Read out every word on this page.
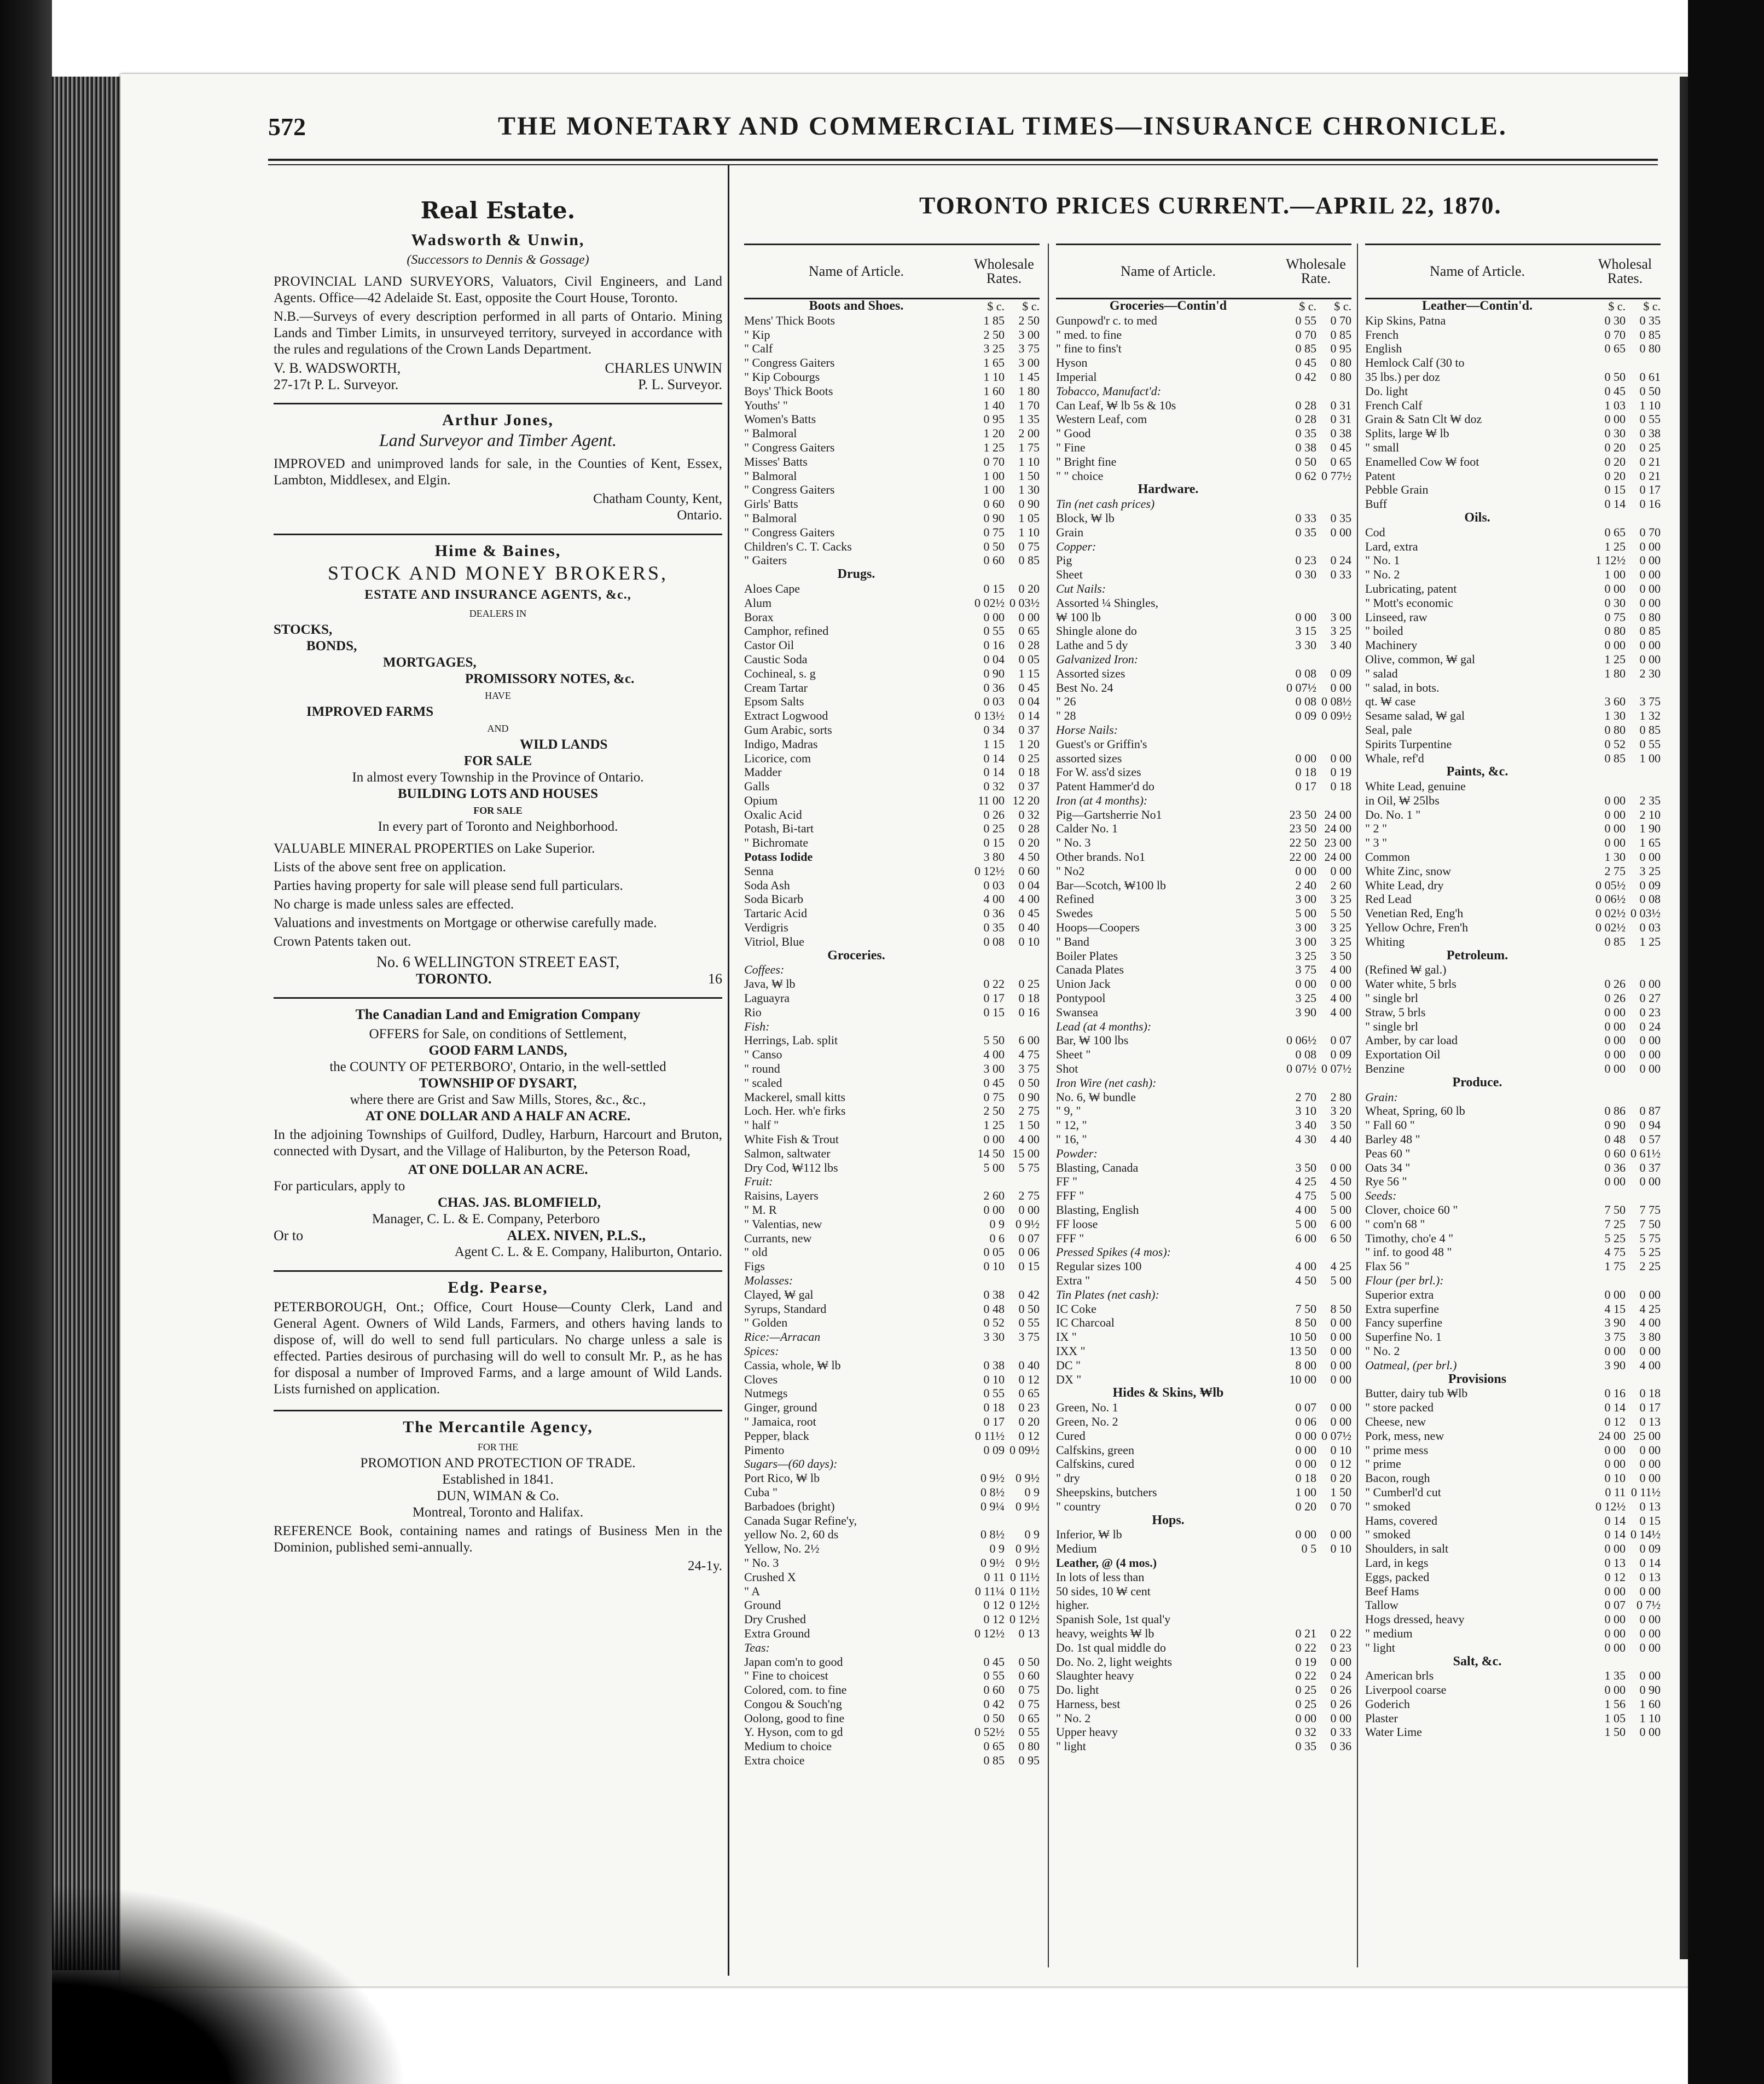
572	THE MONETARY AND COMMERCIAL TIMES—INSURANCE CHRONICLE.
Real Estate.
Wadsworth & Unwin,
(Successors to Dennis & Gossage)
PROVINCIAL LAND SURVEYORS, Valuators, Civil Engineers, and Land Agents. Office—42 Adelaide St. East, opposite the Court House, Toronto.
N.B.—Surveys of every description performed in all parts of Ontario. Mining Lands and Timber Limits, in unsurveyed territory, surveyed in accordance with the rules and regulations of the Crown Lands Department.
V. B. WADSWORTH,	CHARLES UNWIN
27-17t P. L. Surveyor.	P. L. Surveyor.
Arthur Jones,
Land Surveyor and Timber Agent.
IMPROVED and unimproved lands for sale, in the Counties of Kent, Essex, Lambton, Middlesex, and Elgin.
Chatham County, Kent,
Ontario.
Hime & Baines,
STOCK AND MONEY BROKERS,
ESTATE AND INSURANCE AGENTS, &c.,
DEALERS IN
STOCKS,
BONDS,
MORTGAGES,
PROMISSORY NOTES, &c.
HAVE
IMPROVED FARMS
AND
WILD LANDS
FOR SALE
In almost every Township in the Province of Ontario.
BUILDING LOTS AND HOUSES
FOR SALE
In every part of Toronto and Neighborhood.
VALUABLE MINERAL PROPERTIES on Lake Superior.
Lists of the above sent free on application.
Parties having property for sale will please send full particulars.
No charge is made unless sales are effected.
Valuations and investments on Mortgage or otherwise carefully made.
Crown Patents taken out.
No. 6 WELLINGTON STREET EAST,
TORONTO.	16
The Canadian Land and Emigration Company
OFFERS for Sale, on conditions of Settlement,
GOOD FARM LANDS,
the COUNTY OF PETERBORO', Ontario, in the well-settled
TOWNSHIP OF DYSART,
where there are Grist and Saw Mills, Stores, &c., &c.,
AT ONE DOLLAR AND A HALF AN ACRE.
In the adjoining Townships of Guilford, Dudley, Harburn, Harcourt and Bruton, connected with Dysart, and the Village of Haliburton, by the Peterson Road,
AT ONE DOLLAR AN ACRE.
For particulars, apply to
CHAS. JAS. BLOMFIELD,
Manager, C. L. & E. Company, Peterboro
Or to	ALEX. NIVEN, P.L.S.,
Agent C. L. & E. Company, Haliburton, Ontario.
Edg. Pearse,
PETERBOROUGH, Ont.; Office, Court House—County Clerk, Land and General Agent. Owners of Wild Lands, Farmers, and others having lands to dispose of, will do well to send full particulars. No charge unless a sale is effected. Parties desirous of purchasing will do well to consult Mr. P., as he has for disposal a number of Improved Farms, and a large amount of Wild Lands. Lists furnished on application.
The Mercantile Agency,
FOR THE
PROMOTION AND PROTECTION OF TRADE.
Established in 1841.
DUN, WIMAN & Co.
Montreal, Toronto and Halifax.
REFERENCE Book, containing names and ratings of Business Men in the Dominion, published semi-annually.
24-1y.
TORONTO PRICES CURRENT.—APRIL 22, 1870.
Name of Article.	Wholesale Rates.
Boots and Shoes.	$ c.	$ c.
Mens' Thick Boots	1 85	2 50
" Kip	2 50	3 00
" Calf	3 25	3 75
" Congress Gaiters	1 65	3 00
" Kip Cobourgs	1 10	1 45
Boys' Thick Boots	1 60	1 80
Youths' "	1 40	1 70
Women's Batts	0 95	1 35
" Balmoral	1 20	2 00
" Congress Gaiters	1 25	1 75
Misses' Batts	0 70	1 10
" Balmoral	1 00	1 50
" Congress Gaiters	1 00	1 30
Girls' Batts	0 60	0 90
" Balmoral	0 90	1 05
" Congress Gaiters	0 75	1 10
Children's C. T. Cacks	0 50	0 75
" Gaiters	0 60	0 85
Drugs.
Aloes Cape	0 15	0 20
Alum	0 02½ 0 03½
Borax	0 00	0 00
Camphor, refined	0 55	0 65
Castor Oil	0 16	0 28
Caustic Soda	0 04	0 05
Cochineal, s. g	0 90	1 15
Cream Tartar	0 36	0 45
Epsom Salts	0 03	0 04
Extract Logwood	0 13½	0 14
Gum Arabic, sorts	0 34	0 37
Indigo, Madras	1 15	1 20
Licorice, com	0 14	0 25
Madder	0 14	0 18
Galls	0 32	0 37
Opium	11 00 12 20
Oxalic Acid	0 26	0 32
Potash, Bi-tart	0 25	0 28
" Bichromate	0 15	0 20
Potass Iodide	3 80	4 50
Senna	0 12½	0 60
Soda Ash	0 03	0 04
Soda Bicarb	4 00	4 00
Tartaric Acid	0 36	0 45
Verdigris	0 35	0 40
Vitriol, Blue	0 08	0 10
Groceries.
Coffees:
Java, ₩ lb	0 22	0 25
Laguayra	0 17	0 18
Rio	0 15	0 16
Fish:
Herrings, Lab. split	5 50	6 00
" Canso	4 00	4 75
" round	3 00	3 75
" scaled	0 45	0 50
Mackerel, small kitts	0 75	0 90
Loch. Her. wh'e firks	2 50	2 75
" half "	1 25	1 50
White Fish & Trout	0 00	4 00
Salmon, saltwater	14 50 15 00
Dry Cod, ₩112 lbs	5 00	5 75
Fruit:
Raisins, Layers	2 60	2 75
" M. R	0 00	0 00
" Valentias, new	0 9 0 9½
Currants, new	0 6	0 07
" old	0 05	0 06
Figs	0 10	0 15
Molasses:
Clayed, ₩ gal	0 38	0 42
Syrups, Standard	0 48	0 50
" Golden	0 52	0 55
Rice:—Arracan	3 30	3 75
Spices:
Cassia, whole, ₩ lb	0 38	0 40
Cloves	0 10	0 12
Nutmegs	0 55	0 65
Ginger, ground	0 18	0 23
" Jamaica, root	0 17	0 20
Pepper, black	0 11½	0 12
Pimento	0 09 0 09½
Sugars—(60 days):
Port Rico, ₩ lb	0 9½ 0 9½
Cuba "	0 8½	0 9
Barbadoes (bright)	0 9¼ 0 9½
Canada Sugar Refine'y,
yellow No. 2, 60 ds	0 8½	0 9
Yellow, No. 2½	0 9 0 9½
" No. 3	0 9½ 0 9½
Crushed X	0 11 0 11½
" A	0 11¼ 0 11½
Ground	0 12 0 12½
Dry Crushed	0 12 0 12½
Extra Ground	0 12½	0 13
Teas:
Japan com'n to good	0 45	0 50
" Fine to choicest	0 55	0 60
Colored, com. to fine	0 60	0 75
Congou & Souch'ng	0 42	0 75
Oolong, good to fine	0 50	0 65
Y. Hyson, com to gd	0 52½	0 55
Medium to choice	0 65	0 80
Extra choice	0 85	0 95
Name of Article.	Wholesale Rate.
Groceries—Contin'd	$ c.	$ c.
Gunpowd'r c. to med	0 55	0 70
" med. to fine	0 70	0 85
" fine to fins't	0 85	0 95
Hyson	0 45	0 80
Imperial	0 42	0 80
Tobacco, Manufact'd:
Can Leaf, ₩ lb 5s & 10s	0 28	0 31
Western Leaf, com	0 28	0 31
" Good	0 35	0 38
" Fine	0 38	0 45
" Bright fine	0 50	0 65
" " choice	0 62 0 77½
Hardware.
Tin (net cash prices)
Block, ₩ lb	0 33	0 35
Grain	0 35	0 00
Copper:
Pig	0 23	0 24
Sheet	0 30	0 33
Cut Nails:
Assorted ¼ Shingles,
₩ 100 lb	0 00	3 00
Shingle alone do	3 15	3 25
Lathe and 5 dy	3 30	3 40
Galvanized Iron:
Assorted sizes	0 08	0 09
Best No. 24	0 07½	0 00
" 26	0 08 0 08½
" 28	0 09 0 09½
Horse Nails:
Guest's or Griffin's
assorted sizes	0 00	0 00
For W. ass'd sizes	0 18	0 19
Patent Hammer'd do	0 17	0 18
Iron (at 4 months):
Pig—Gartsherrie No1	23 50 24 00
Calder No. 1	23 50 24 00
" No. 3	22 50 23 00
Other brands. No1	22 00 24 00
" No2	0 00	0 00
Bar—Scotch, ₩100 lb	2 40	2 60
Refined	3 00	3 25
Swedes	5 00	5 50
Hoops—Coopers	3 00	3 25
" Band	3 00	3 25
Boiler Plates	3 25	3 50
Canada Plates	3 75	4 00
Union Jack	0 00	0 00
Pontypool	3 25	4 00
Swansea	3 90	4 00
Lead (at 4 months):
Bar, ₩ 100 lbs	0 06½	0 07
Sheet "	0 08	0 09
Shot	0 07½ 0 07½
Iron Wire (net cash):
No. 6, ₩ bundle	2 70	2 80
" 9, "	3 10	3 20
" 12, "	3 40	3 50
" 16, "	4 30	4 40
Powder:
Blasting, Canada	3 50	0 00
FF "	4 25	4 50
FFF "	4 75	5 00
Blasting, English	4 00	5 00
FF loose	5 00	6 00
FFF "	6 00	6 50
Pressed Spikes (4 mos):
Regular sizes 100	4 00	4 25
Extra "	4 50	5 00
Tin Plates (net cash):
IC Coke	7 50	8 50
IC Charcoal	8 50	0 00
IX "	10 50	0 00
IXX "	13 50	0 00
DC "	8 00	0 00
DX "	10 00	0 00
Hides & Skins, ₩lb
Green, No. 1	0 07	0 00
Green, No. 2	0 06	0 00
Cured	0 00 0 07½
Calfskins, green	0 00	0 10
Calfskins, cured	0 00	0 12
" dry	0 18	0 20
Sheepskins, butchers	1 00	1 50
" country	0 20	0 70
Hops.
Inferior, ₩ lb	0 00	0 00
Medium	0 5	0 10
Leather, @ (4 mos.)
In lots of less than
50 sides, 10 ₩ cent
higher.
Spanish Sole, 1st qual'y
heavy, weights ₩ lb	0 21	0 22
Do. 1st qual middle do	0 22	0 23
Do. No. 2, light weights	0 19	0 00
Slaughter heavy	0 22	0 24
Do. light	0 25	0 26
Harness, best	0 25	0 26
" No. 2	0 00	0 00
Upper heavy	0 32	0 33
" light	0 35	0 36
Name of Article.	Wholesal Rates.
Leather—Contin'd.	$ c.	$ c.
Kip Skins, Patna	0 30	0 35
French	0 70	0 85
English	0 65	0 80
Hemlock Calf (30 to
35 lbs.) per doz	0 50	0 61
Do. light	0 45	0 50
French Calf	1 03	1 10
Grain & Satn Clt ₩ doz	0 00	0 55
Splits, large ₩ lb	0 30	0 38
" small	0 20	0 25
Enamelled Cow ₩ foot	0 20	0 21
Patent	0 20	0 21
Pebble Grain	0 15	0 17
Buff	0 14	0 16
Oils.
Cod	0 65	0 70
Lard, extra	1 25	0 00
" No. 1	1 12½	0 00
" No. 2	1 00	0 00
Lubricating, patent	0 00	0 00
" Mott's economic	0 30	0 00
Linseed, raw	0 75	0 80
" boiled	0 80	0 85
Machinery	0 00	0 00
Olive, common, ₩ gal	1 25	0 00
" salad	1 80	2 30
" salad, in bots.
qt. ₩ case	3 60	3 75
Sesame salad, ₩ gal	1 30	1 32
Seal, pale	0 80	0 85
Spirits Turpentine	0 52	0 55
Whale, ref'd	0 85	1 00
Paints, &c.
White Lead, genuine
in Oil, ₩ 25lbs	0 00	2 35
Do. No. 1 "	0 00	2 10
" 2 "	0 00	1 90
" 3 "	0 00	1 65
Common	1 30	0 00
White Zinc, snow	2 75	3 25
White Lead, dry	0 05½	0 09
Red Lead	0 06½	0 08
Venetian Red, Eng'h	0 02½ 0 03½
Yellow Ochre, Fren'h	0 02½	0 03
Whiting	0 85	1 25
Petroleum.
(Refined ₩ gal.)
Water white, 5 brls	0 26	0 00
" single brl	0 26	0 27
Straw, 5 brls	0 00	0 23
" single brl	0 00	0 24
Amber, by car load	0 00	0 00
Exportation Oil	0 00	0 00
Benzine	0 00	0 00
Produce.
Grain:
Wheat, Spring, 60 lb	0 86	0 87
" Fall 60 "	0 90	0 94
Barley 48 "	0 48	0 57
Peas 60 "	0 60 0 61½
Oats 34 "	0 36	0 37
Rye 56 "	0 00	0 00
Seeds:
Clover, choice 60 "	7 50	7 75
" com'n 68 "	7 25	7 50
Timothy, cho'e 4 "	5 25	5 75
" inf. to good 48 "	4 75	5 25
Flax 56 "	1 75	2 25
Flour (per brl.):
Superior extra	0 00	0 00
Extra superfine	4 15	4 25
Fancy superfine	3 90	4 00
Superfine No. 1	3 75	3 80
" No. 2	0 00	0 00
Oatmeal, (per brl.)	3 90	4 00
Provisions
Butter, dairy tub ₩lb	0 16	0 18
" store packed	0 14	0 17
Cheese, new	0 12	0 13
Pork, mess, new	24 00 25 00
" prime mess	0 00	0 00
" prime	0 00	0 00
Bacon, rough	0 10	0 00
" Cumberl'd cut	0 11 0 11½
" smoked	0 12½	0 13
Hams, covered	0 14	0 15
" smoked	0 14 0 14½
Shoulders, in salt	0 00	0 09
Lard, in kegs	0 13	0 14
Eggs, packed	0 12	0 13
Beef Hams	0 00	0 00
Tallow	0 07 0 7½
Hogs dressed, heavy	0 00	0 00
" medium	0 00	0 00
" light	0 00	0 00
Salt, &c.
American brls	1 35	0 00
Liverpool coarse	0 00	0 90
Goderich	1 56	1 60
Plaster	1 05	1 10
Water Lime	1 50	0 00
